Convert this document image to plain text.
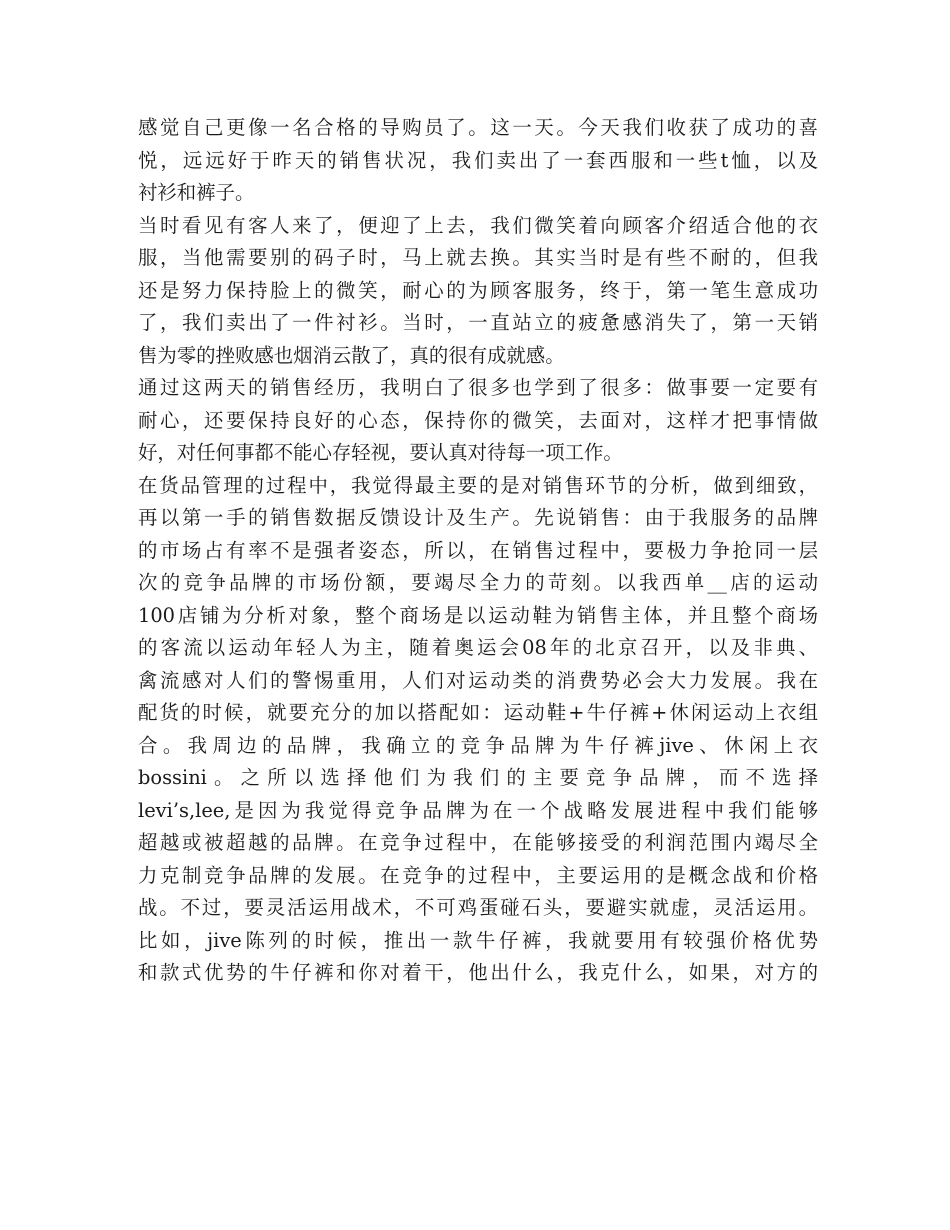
感觉自己更像一名合格的导购员了。这一天。今天我们收获了成功的喜
悦，远远好于昨天的销售状况，我们卖出了一套西服和一些t恤，以及
衬衫和裤子。
当时看见有客人来了，便迎了上去，我们微笑着向顾客介绍适合他的衣
服，当他需要别的码子时，马上就去换。其实当时是有些不耐的，但我
还是努力保持脸上的微笑，耐心的为顾客服务，终于，第一笔生意成功
了，我们卖出了一件衬衫。当时，一直站立的疲惫感消失了，第一天销
售为零的挫败感也烟消云散了，真的很有成就感。
通过这两天的销售经历，我明白了很多也学到了很多：做事要一定要有
耐心，还要保持良好的心态，保持你的微笑，去面对，这样才把事情做
好，对任何事都不能心存轻视，要认真对待每一项工作。
在货品管理的过程中，我觉得最主要的是对销售环节的分析，做到细致，
再以第一手的销售数据反馈设计及生产。先说销售：由于我服务的品牌
的市场占有率不是强者姿态，所以，在销售过程中，要极力争抢同一层
次的竞争品牌的市场份额，要竭尽全力的苛刻。以我西单__店的运动
100店铺为分析对象，整个商场是以运动鞋为销售主体，并且整个商场
的客流以运动年轻人为主，随着奥运会08年的北京召开，以及非典、
禽流感对人们的警惕重用，人们对运动类的消费势必会大力发展。我在
配货的时候，就要充分的加以搭配如：运动鞋+牛仔裤+休闲运动上衣组
合。我周边的品牌，我确立的竞争品牌为牛仔裤jive、休闲上衣
bossini。之所以选择他们为我们的主要竞争品牌，而不选择
levi’s,lee,是因为我觉得竞争品牌为在一个战略发展进程中我们能够
超越或被超越的品牌。在竞争过程中，在能够接受的利润范围内竭尽全
力克制竞争品牌的发展。在竞争的过程中，主要运用的是概念战和价格
战。不过，要灵活运用战术，不可鸡蛋碰石头，要避实就虚，灵活运用。
比如，jive陈列的时候，推出一款牛仔裤，我就要用有较强价格优势
和款式优势的牛仔裤和你对着干，他出什么，我克什么，如果，对方的
